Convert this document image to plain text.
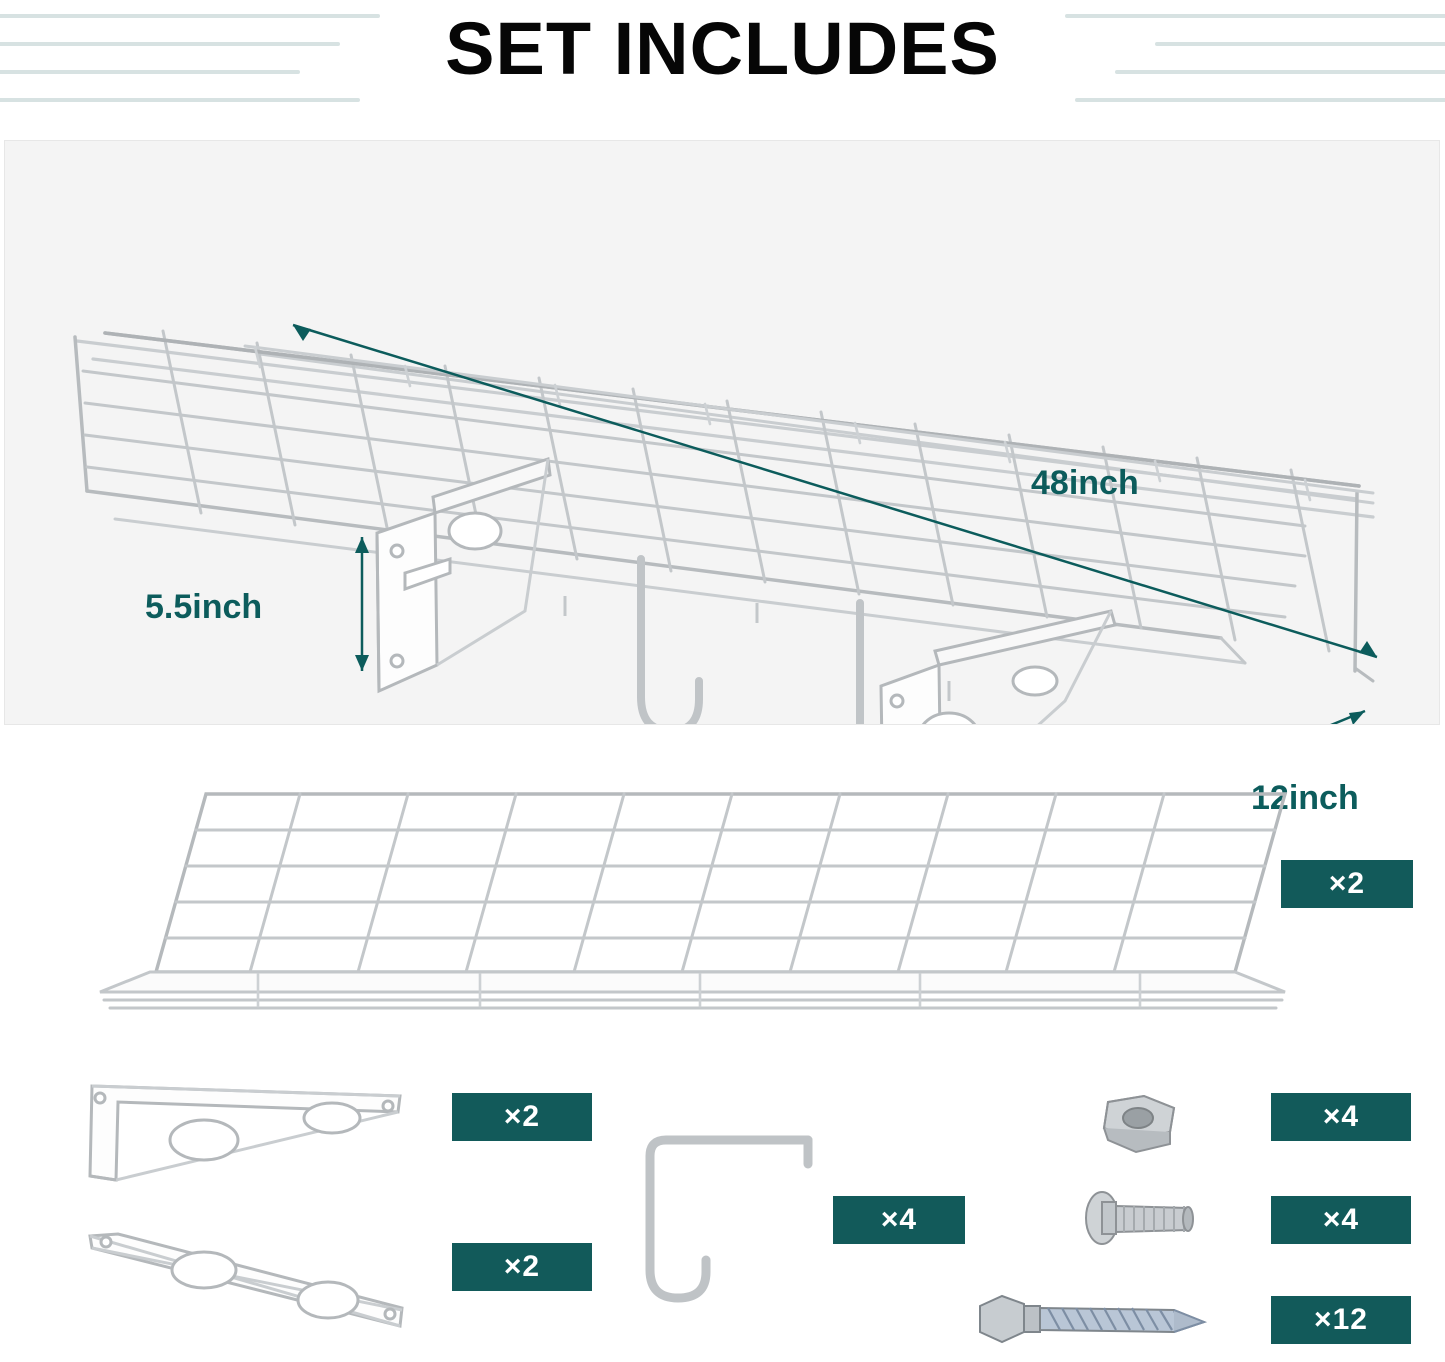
SET INCLUDES
48inch
5.5inch
12inch
×2
×2
×2
×4
×4
×4
×12
